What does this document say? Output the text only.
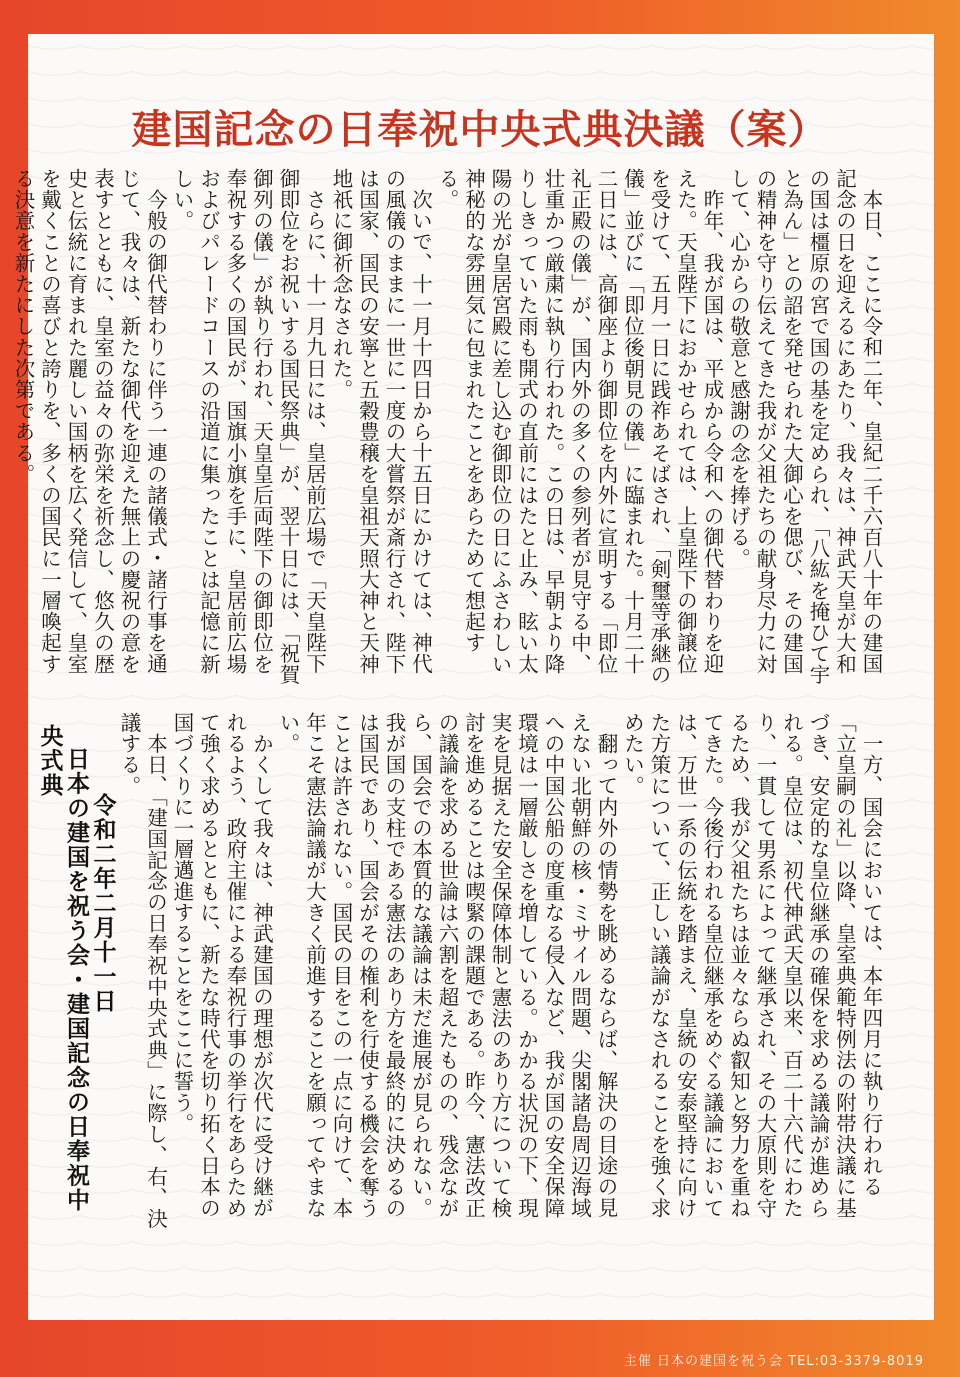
建国記念の日奉祝中央式典決議（案）

本日、ここに令和二年、皇紀二千六百八十年の建国記念の日を迎えるにあたり、我々は、神武天皇が大和の国は橿原の宮で国の基を定められ、「八紘を掩ひて宇と為ん」との詔を発せられた大御心を偲び、その建国の精神を守り伝えてきた我が父祖たちの献身尽力に対して、心からの敬意と感謝の念を捧げる。

昨年、我が国は、平成から令和への御代替わりを迎えた。天皇陛下におかせられては、上皇陛下の御譲位を受けて、五月一日に践祚あそばされ、「剣璽等承継の儀」並びに「即位後朝見の儀」に臨まれた。十月二十二日には、高御座より御即位を内外に宣明する「即位礼正殿の儀」が、国内外の多くの参列者が見守る中、壮重かつ厳粛に執り行われた。この日は、早朝より降りしきっていた雨も開式の直前にはたと止み、眩い太陽の光が皇居宮殿に差し込む御即位の日にふさわしい神秘的な雰囲気に包まれたことをあらためて想起する。

次いで、十一月十四日から十五日にかけては、神代の風儀のままに一世に一度の大嘗祭が斎行され、陛下は国家、国民の安寧と五穀豊穣を皇祖天照大神と天神地祇に御祈念なされた。

さらに、十一月九日には、皇居前広場で「天皇陛下御即位をお祝いする国民祭典」が、翌十日には、「祝賀御列の儀」が執り行われ、天皇皇后両陛下の御即位を奉祝する多くの国民が、国旗小旗を手に、皇居前広場およびパレードコースの沿道に集ったことは記憶に新しい。

今般の御代替わりに伴う一連の諸儀式・諸行事を通じて、我々は、新たな御代を迎えた無上の慶祝の意を表すとともに、皇室の益々の弥栄を祈念し、悠久の歴史と伝統に育まれた麗しい国柄を広く発信して、皇室を戴くことの喜びと誇りを、多くの国民に一層喚起する決意を新たにした次第である。

一方、国会においては、本年四月に執り行われる「立皇嗣の礼」以降、皇室典範特例法の附帯決議に基づき、安定的な皇位継承の確保を求める議論が進められる。皇位は、初代神武天皇以来、百二十六代にわたり、一貫して男系によって継承され、その大原則を守るため、我が父祖たちは並々ならぬ叡知と努力を重ねてきた。今後行われる皇位継承をめぐる議論においては、万世一系の伝統を踏まえ、皇統の安泰堅持に向けた方策について、正しい議論がなされることを強く求めたい。

翻って内外の情勢を眺めるならば、解決の目途の見えない北朝鮮の核・ミサイル問題、尖閣諸島周辺海域への中国公船の度重なる侵入など、我が国の安全保障環境は一層厳しさを増している。かかる状況の下、現実を見据えた安全保障体制と憲法のあり方について検討を進めることは喫緊の課題である。昨今、憲法改正の議論を求める世論は六割を超えたものの、残念ながら、国会での本質的な議論は未だ進展が見られない。我が国の支柱である憲法のあり方を最終的に決めるのは国民であり、国会がその権利を行使する機会を奪うことは許されない。国民の目をこの一点に向けて、本年こそ憲法論議が大きく前進することを願ってやまない。

かくして我々は、神武建国の理想が次代に受け継がれるよう、政府主催による奉祝行事の挙行をあらためて強く求めるとともに、新たな時代を切り拓く日本の国づくりに一層邁進することをここに誓う。

本日、「建国記念の日奉祝中央式典」に際し、右、決議する。

令和二年二月十一日

日本の建国を祝う会・建国記念の日奉祝中央式典

主催 日本の建国を祝う会 TEL:03-3379-8019
